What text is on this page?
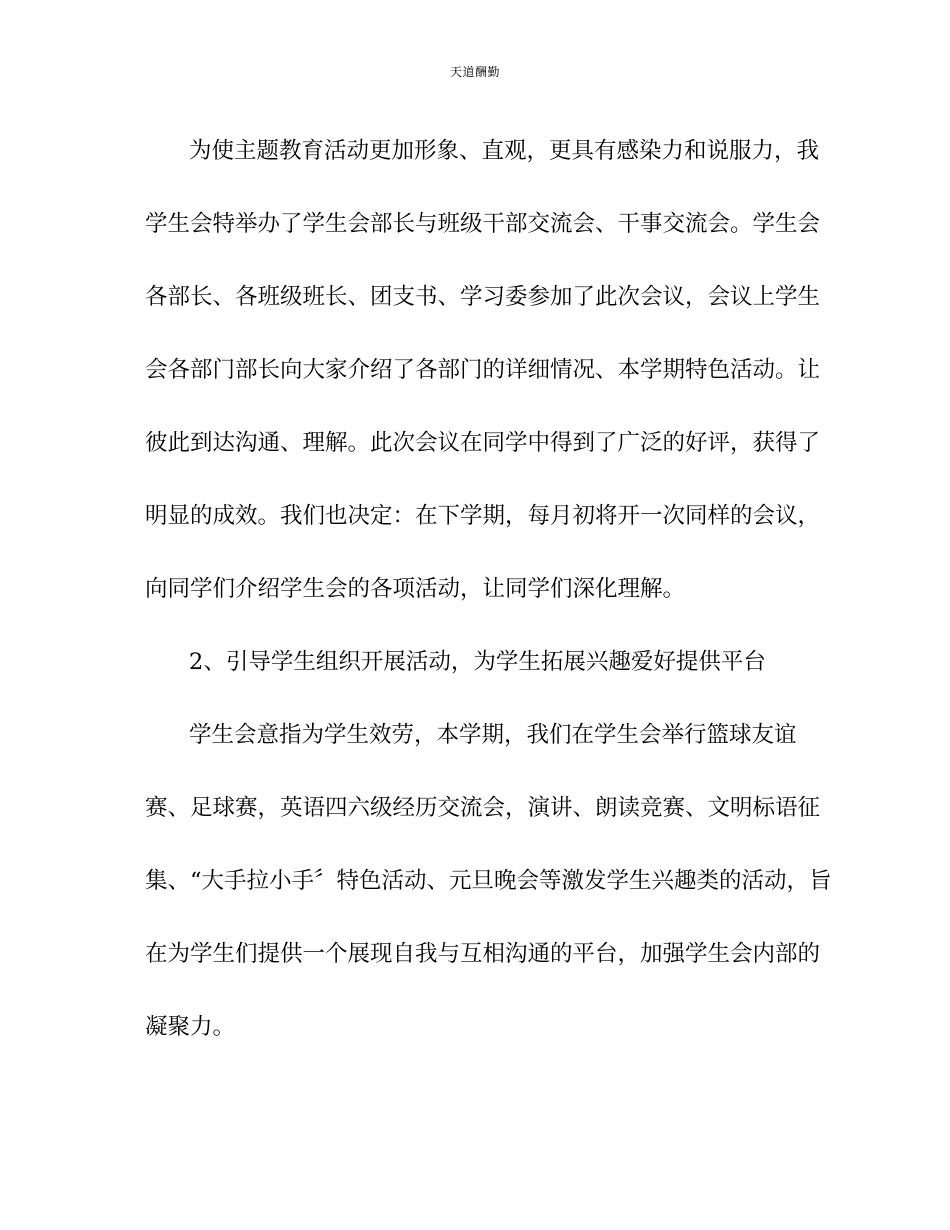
天道酬勤
为使主题教育活动更加形象、直观，更具有感染力和说服力，我
学生会特举办了学生会部长与班级干部交流会、干事交流会。学生会
各部长、各班级班长、团支书、学习委参加了此次会议，会议上学生
会各部门部长向大家介绍了各部门的详细情况、本学期特色活动。让
彼此到达沟通、理解。此次会议在同学中得到了广泛的好评，获得了
明显的成效。我们也决定：在下学期，每月初将开一次同样的会议，
向同学们介绍学生会的各项活动，让同学们深化理解。
2、引导学生组织开展活动，为学生拓展兴趣爱好提供平台
学生会意指为学生效劳，本学期，我们在学生会举行篮球友谊
赛、足球赛，英语四六级经历交流会，演讲、朗读竞赛、文明标语征
集、“大手拉小手〞特色活动、元旦晚会等激发学生兴趣类的活动，旨
在为学生们提供一个展现自我与互相沟通的平台，加强学生会内部的
凝聚力。
